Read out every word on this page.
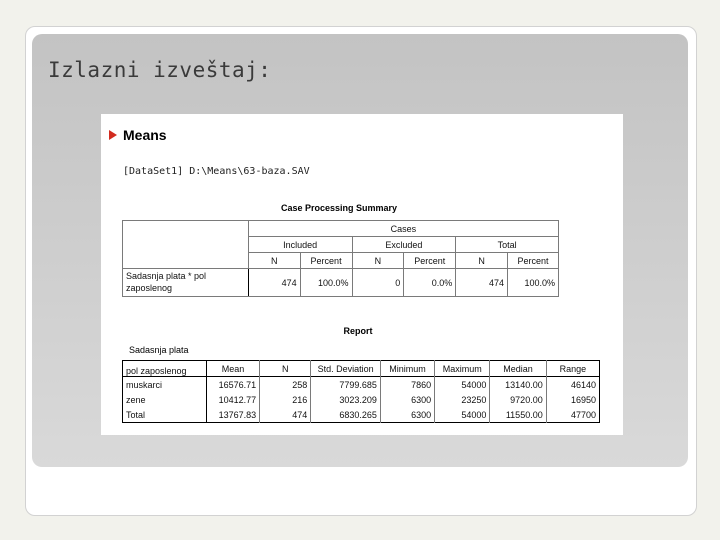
Izlazni izveštaj:
Means
[DataSet1] D:\Means\63-baza.SAV
Case Processing Summary
	Cases					
	Included		Excluded		Total	
	N	Percent	N	Percent	N	Percent

Sadasnja plata * pol
zaposlenog	474	100.0%	0	0.0%	474	100.0%
Report
Sadasnja plata
pol zaposlenog	Mean	N	Std. Deviation	Minimum	Maximum	Median	Range
muskarci	16576.71	258	7799.685	7860	54000	13140.00	46140
zene	10412.77	216	3023.209	6300	23250	9720.00	16950
Total	13767.83	474	6830.265	6300	54000	11550.00	47700
